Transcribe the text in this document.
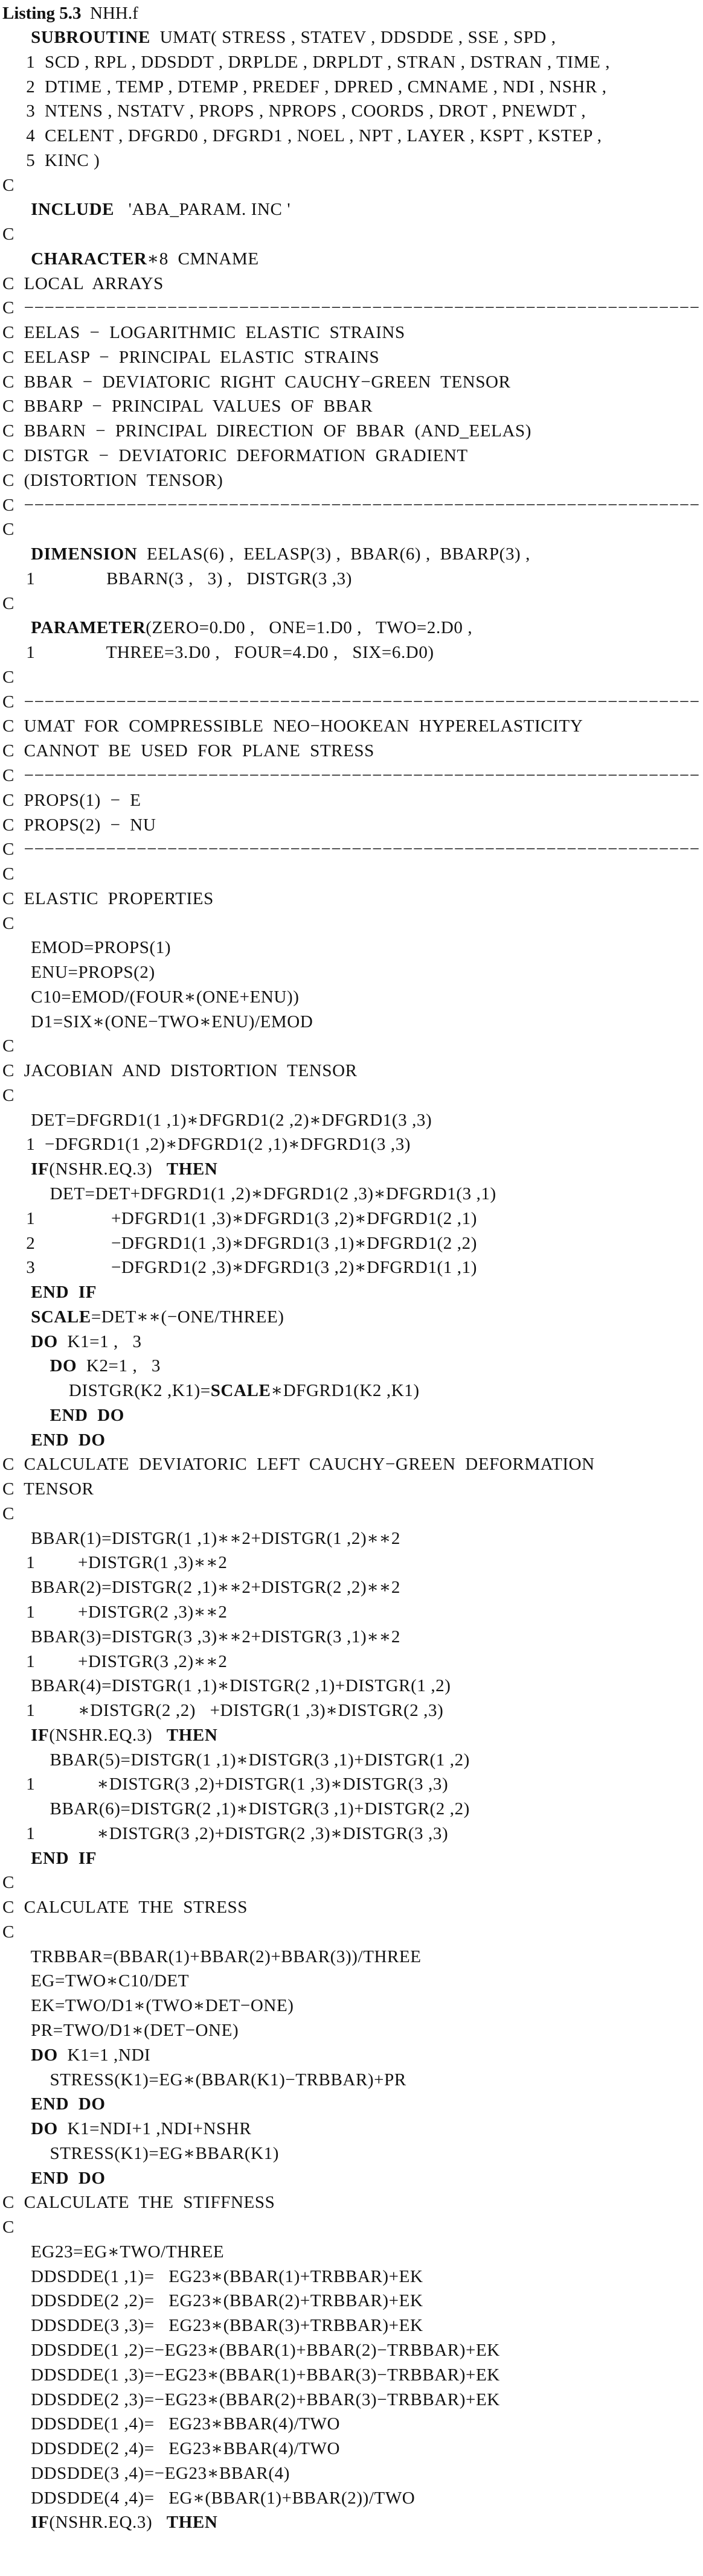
Listing 5.3 NHH.f
SUBROUTINE  UMAT( STRESS , STATEV , DDSDDE , SSE , SPD ,
1  SCD , RPL , DDSDDT , DRPLDE , DRPLDT , STRAN , DSTRAN , TIME ,
2  DTIME , TEMP , DTEMP , PREDEF , DPRED , CMNAME , NDI , NSHR ,
3  NTENS , NSTATV , PROPS , NPROPS , COORDS , DROT , PNEWDT ,
4  CELENT , DFGRD0 , DFGRD1 , NOEL , NPT , LAYER , KSPT , KSTEP ,
5  KINC )
C
INCLUDE   'ABA_PARAM. INC '
C
CHARACTER∗8  CMNAME
C  LOCAL  ARRAYS
C  −−−−−−−−−−−−−−−−−−−−−−−−−−−−−−−−−−−−−−−−−−−−−−−−−−−−−−−−−−−−−−−−−−
C  EELAS  −  LOGARITHMIC  ELASTIC  STRAINS
C  EELASP  −  PRINCIPAL  ELASTIC  STRAINS
C  BBAR  −  DEVIATORIC  RIGHT  CAUCHY−GREEN  TENSOR
C  BBARP  −  PRINCIPAL  VALUES  OF  BBAR
C  BBARN  −  PRINCIPAL  DIRECTION  OF  BBAR  (AND_EELAS)
C  DISTGR  −  DEVIATORIC  DEFORMATION  GRADIENT
C  (DISTORTION  TENSOR)
C  −−−−−−−−−−−−−−−−−−−−−−−−−−−−−−−−−−−−−−−−−−−−−−−−−−−−−−−−−−−−−−−−−−
C
DIMENSION  EELAS(6) ,  EELASP(3) ,  BBAR(6) ,  BBARP(3) ,
1               BBARN(3 ,   3) ,   DISTGR(3 ,3)
C
PARAMETER(ZERO=0.D0 ,   ONE=1.D0 ,   TWO=2.D0 ,
1               THREE=3.D0 ,   FOUR=4.D0 ,   SIX=6.D0)
C
C  −−−−−−−−−−−−−−−−−−−−−−−−−−−−−−−−−−−−−−−−−−−−−−−−−−−−−−−−−−−−−−−−−−
C  UMAT  FOR  COMPRESSIBLE  NEO−HOOKEAN  HYPERELASTICITY
C  CANNOT  BE  USED  FOR  PLANE  STRESS
C  −−−−−−−−−−−−−−−−−−−−−−−−−−−−−−−−−−−−−−−−−−−−−−−−−−−−−−−−−−−−−−−−−−
C  PROPS(1)  −  E
C  PROPS(2)  −  NU
C  −−−−−−−−−−−−−−−−−−−−−−−−−−−−−−−−−−−−−−−−−−−−−−−−−−−−−−−−−−−−−−−−−−
C
C  ELASTIC  PROPERTIES
C
EMOD=PROPS(1)
ENU=PROPS(2)
C10=EMOD/(FOUR∗(ONE+ENU))
D1=SIX∗(ONE−TWO∗ENU)/EMOD
C
C  JACOBIAN  AND  DISTORTION  TENSOR
C
DET=DFGRD1(1 ,1)∗DFGRD1(2 ,2)∗DFGRD1(3 ,3)
1  −DFGRD1(1 ,2)∗DFGRD1(2 ,1)∗DFGRD1(3 ,3)
IF(NSHR.EQ.3)   THEN
DET=DET+DFGRD1(1 ,2)∗DFGRD1(2 ,3)∗DFGRD1(3 ,1)
1                +DFGRD1(1 ,3)∗DFGRD1(3 ,2)∗DFGRD1(2 ,1)
2                −DFGRD1(1 ,3)∗DFGRD1(3 ,1)∗DFGRD1(2 ,2)
3                −DFGRD1(2 ,3)∗DFGRD1(3 ,2)∗DFGRD1(1 ,1)
END IF
SCALE=DET∗∗(−ONE/THREE)
DO  K1=1 ,   3
DO  K2=1 ,   3
DISTGR(K2 ,K1)=SCALE∗DFGRD1(K2 ,K1)
END DO
END DO
C  CALCULATE  DEVIATORIC  LEFT  CAUCHY−GREEN  DEFORMATION
C  TENSOR
C
BBAR(1)=DISTGR(1 ,1)∗∗2+DISTGR(1 ,2)∗∗2
1         +DISTGR(1 ,3)∗∗2
BBAR(2)=DISTGR(2 ,1)∗∗2+DISTGR(2 ,2)∗∗2
1         +DISTGR(2 ,3)∗∗2
BBAR(3)=DISTGR(3 ,3)∗∗2+DISTGR(3 ,1)∗∗2
1         +DISTGR(3 ,2)∗∗2
BBAR(4)=DISTGR(1 ,1)∗DISTGR(2 ,1)+DISTGR(1 ,2)
1         ∗DISTGR(2 ,2)   +DISTGR(1 ,3)∗DISTGR(2 ,3)
IF(NSHR.EQ.3)   THEN
BBAR(5)=DISTGR(1 ,1)∗DISTGR(3 ,1)+DISTGR(1 ,2)
1             ∗DISTGR(3 ,2)+DISTGR(1 ,3)∗DISTGR(3 ,3)
BBAR(6)=DISTGR(2 ,1)∗DISTGR(3 ,1)+DISTGR(2 ,2)
1             ∗DISTGR(3 ,2)+DISTGR(2 ,3)∗DISTGR(3 ,3)
END IF
C
C  CALCULATE  THE  STRESS
C
TRBBAR=(BBAR(1)+BBAR(2)+BBAR(3))/THREE
EG=TWO∗C10/DET
EK=TWO/D1∗(TWO∗DET−ONE)
PR=TWO/D1∗(DET−ONE)
DO  K1=1 ,NDI
STRESS(K1)=EG∗(BBAR(K1)−TRBBAR)+PR
END DO
DO  K1=NDI+1 ,NDI+NSHR
STRESS(K1)=EG∗BBAR(K1)
END DO
C  CALCULATE  THE  STIFFNESS
C
EG23=EG∗TWO/THREE
DDSDDE(1 ,1)=   EG23∗(BBAR(1)+TRBBAR)+EK
DDSDDE(2 ,2)=   EG23∗(BBAR(2)+TRBBAR)+EK
DDSDDE(3 ,3)=   EG23∗(BBAR(3)+TRBBAR)+EK
DDSDDE(1 ,2)=−EG23∗(BBAR(1)+BBAR(2)−TRBBAR)+EK
DDSDDE(1 ,3)=−EG23∗(BBAR(1)+BBAR(3)−TRBBAR)+EK
DDSDDE(2 ,3)=−EG23∗(BBAR(2)+BBAR(3)−TRBBAR)+EK
DDSDDE(1 ,4)=   EG23∗BBAR(4)/TWO
DDSDDE(2 ,4)=   EG23∗BBAR(4)/TWO
DDSDDE(3 ,4)=−EG23∗BBAR(4)
DDSDDE(4 ,4)=   EG∗(BBAR(1)+BBAR(2))/TWO
IF(NSHR.EQ.3)   THEN
